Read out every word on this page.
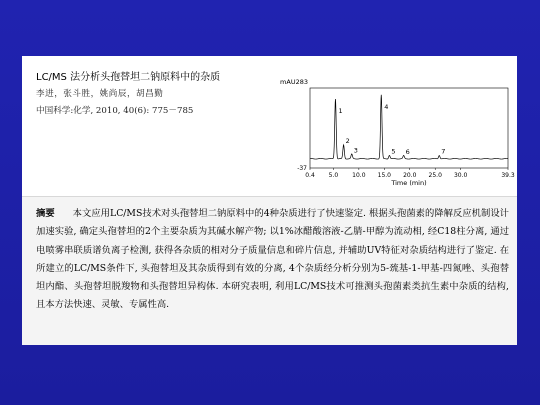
LC/MS 法分析头孢替坦二钠原料中的杂质
李进，张斗胜，姚尚辰，胡昌勤
中国科学:化学, 2010, 40(6): 775－785
mAU283
-37
0.4 5.0 10.0 15.0 20.0 25.0 30.0	39.3
Time (min)
1
2
3
4
5 6	7
摘要 本文应用LC/MS技术对头孢替坦二钠原料中的4种杂质进行了快速鉴定. 根据头孢菌素的降解反应机制设计加速实验, 确定头孢替坦的2个主要杂质为其碱水解产物; 以1%冰醋酸溶液-乙腈-甲醇为流动相, 经C18柱分离, 通过电喷雾串联质谱负离子检测, 获得各杂质的相对分子质量信息和碎片信息, 并辅助UV特征对杂质结构进行了鉴定. 在所建立的LC/MS条件下, 头孢替坦及其杂质得到有效的分离, 4个杂质经分析分别为5-巯基-1-甲基-四氮唑、头孢替坦内酯、头孢替坦脱羧物和头孢替坦异构体. 本研究表明, 利用LC/MS技术可推测头孢菌素类抗生素中杂质的结构, 且本方法快速、灵敏、专属性高.
